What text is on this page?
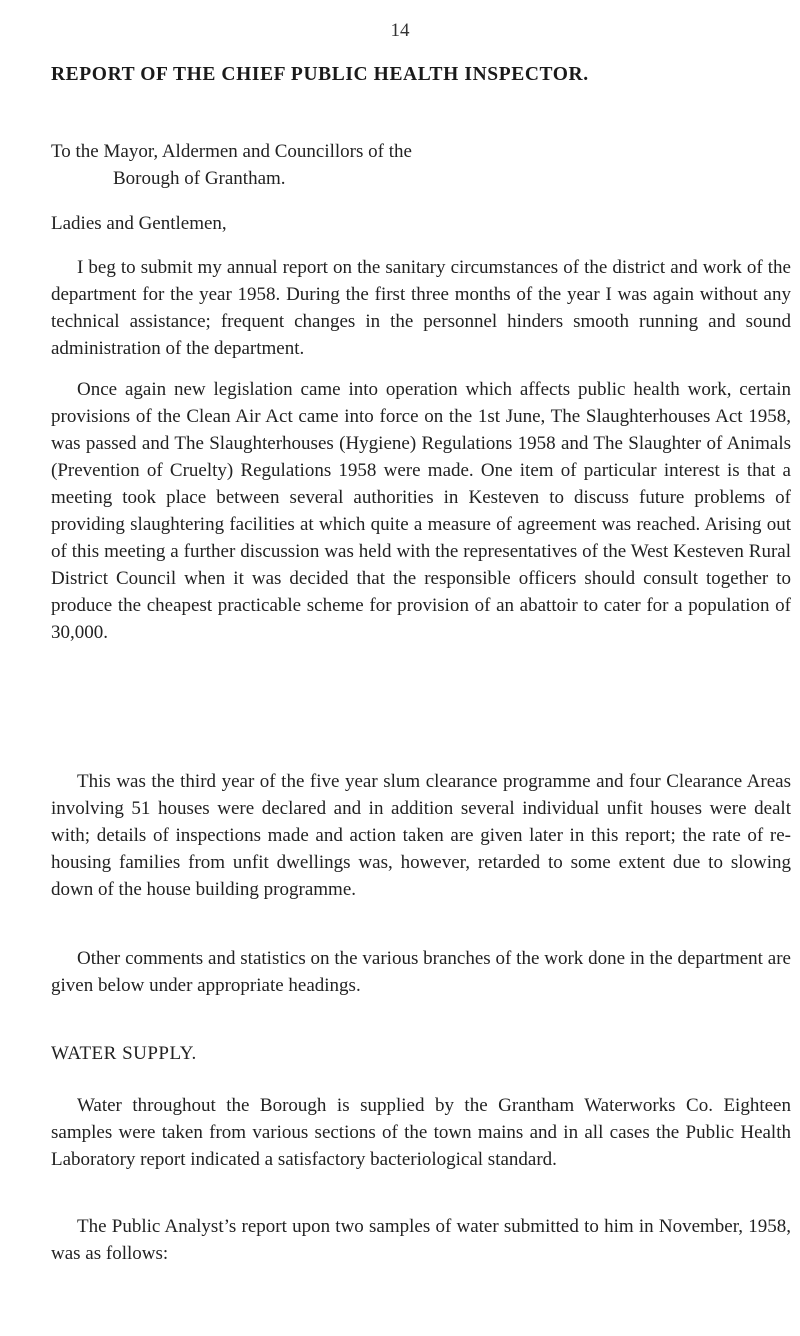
14
REPORT OF THE CHIEF PUBLIC HEALTH INSPECTOR.
To the Mayor, Aldermen and Councillors of the
Borough of Grantham.
Ladies and Gentlemen,

I beg to submit my annual report on the sanitary circumstances of the district and work of the department for the year 1958. During the first three months of the year I was again without any technical assistance; frequent changes in the personnel hinders smooth running and sound administration of the department.

Once again new legislation came into operation which affects public health work, certain provisions of the Clean Air Act came into force on the 1st June, The Slaughterhouses Act 1958, was passed and The Slaughterhouses (Hygiene) Regulations 1958 and The Slaughter of Animals (Prevention of Cruelty) Regulations 1958 were made. One item of particular interest is that a meeting took place between several authorities in Kesteven to discuss future problems of providing slaughtering facilities at which quite a measure of agreement was reached. Arising out of this meeting a further discussion was held with the representatives of the West Kesteven Rural District Council when it was decided that the responsible officers should consult together to produce the cheapest practicable scheme for provision of an abattoir to cater for a population of 30,000.

This was the third year of the five year slum clearance programme and four Clearance Areas involving 51 houses were declared and in addition several individual unfit houses were dealt with; details of inspections made and action taken are given later in this report; the rate of re-housing families from unfit dwellings was, however, retarded to some extent due to slowing down of the house building programme.

Other comments and statistics on the various branches of the work done in the department are given below under appropriate headings.

WATER SUPPLY.

Water throughout the Borough is supplied by the Grantham Waterworks Co. Eighteen samples were taken from various sections of the town mains and in all cases the Public Health Laboratory report indicated a satisfactory bacteriological standard.

The Public Analyst’s report upon two samples of water submitted to him in November, 1958, was as follows:
